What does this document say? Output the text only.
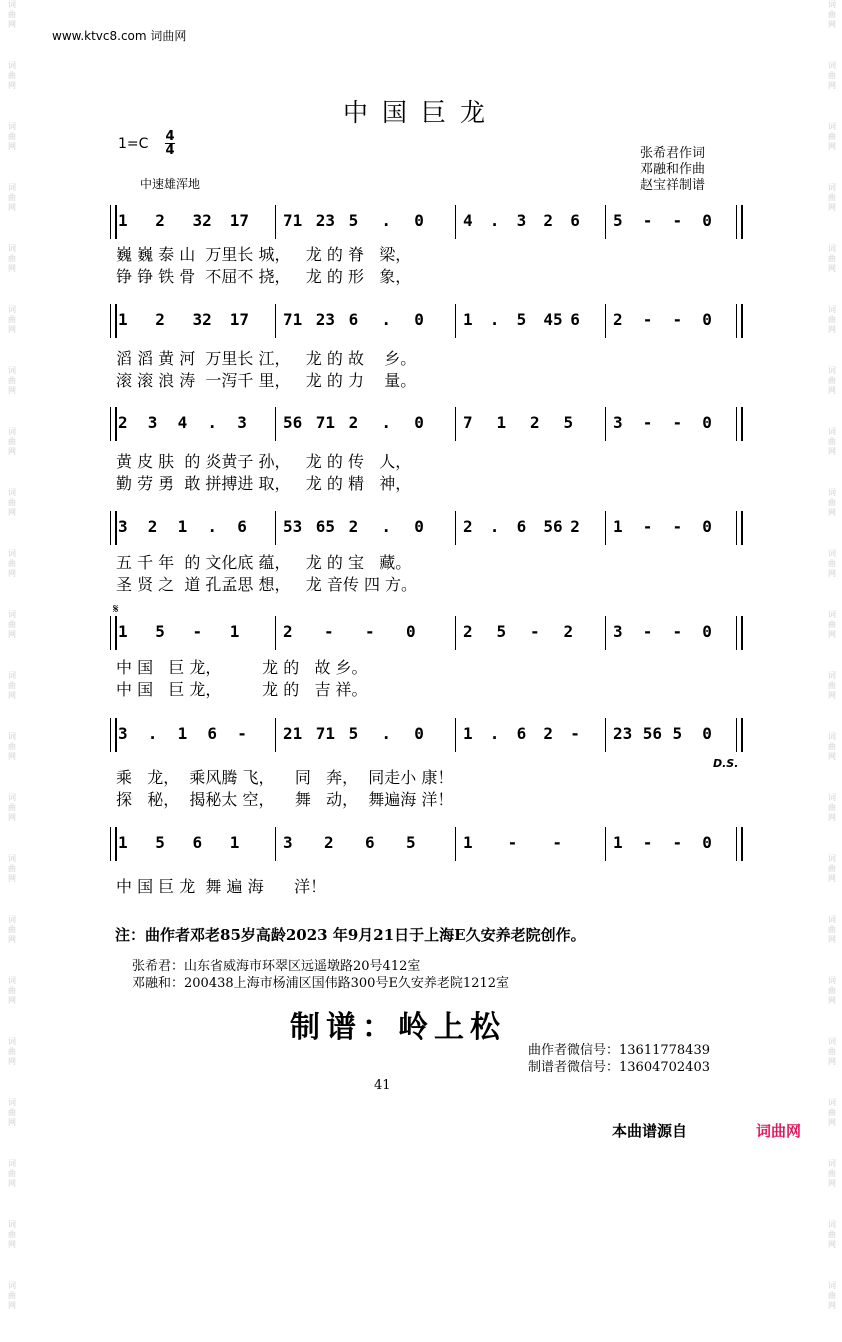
词
曲
网
词
曲
网
词
曲
网
词
曲
网
词
曲
网
词
曲
网
词
曲
网
词
曲
网
词
曲
网
词
曲
网
词
曲
网
词
曲
网
词
曲
网
词
曲
网
词
曲
网
词
曲
网
词
曲
网
词
曲
网
词
曲
网
词
曲
网
词
曲
网
词
曲
网
词
曲
网
词
曲
网
词
曲
网
词
曲
网
词
曲
网
词
曲
网
词
曲
网
词
曲
网
词
曲
网
词
曲
网
词
曲
网
词
曲
网
词
曲
网
词
曲
网
词
曲
网
词
曲
网
词
曲
网
词
曲
网
词
曲
网
词
曲
网
词
曲
网
词
曲
网
www.ktvc8.com 词曲网
中国巨龙
1=C 4
4
中速雄浑地
张希君作词
邓融和作曲
赵宝祥制谱
1 2 32 17 71 23 5 . 0 4 . 3 2 6 5 - - 0
巍 巍 泰 山  万里长 城，   龙 的 脊   梁，
铮 铮 铁 骨  不屈不 挠，   龙 的 形   象，
1 2 32 17 71 23 6 . 0 1 . 5 45 6 2 - - 0
滔 滔 黄 河  万里长 江，   龙 的 故    乡。
滚 滚 浪 涛  一泻千 里，   龙 的 力    量。
2 3 4 . 3 56 71 2 . 0 7 1 2 5 3 - - 0
黄 皮 肤  的 炎黄子 孙，   龙 的 传   人，
勤 劳 勇  敢 拼搏进 取，   龙 的 精   神，
3 2 1 . 6 53 65 2 . 0 2 . 6 56 2 1 - - 0
五 千 年  的 文化底 蕴，   龙 的 宝   藏。
圣 贤 之  道 孔孟思 想，   龙 音传 四 方。
1 5 - 1	2 - - 0	2 5 - 2 3 - - 0
中 国   巨 龙，        龙 的   故 乡。
中 国   巨 龙，        龙 的   吉 祥。
3 . 1 6 - 21 71 5 . 0 1 . 6 2 - 23 56 5 0
乘   龙，  乘风腾 飞，    同   奔，  同走小 康！
探   秘，  揭秘太 空，    舞   动，  舞遍海 洋！
1 5 6 1	3 2 6 5	1 - -	1 - - 0
中 国 巨 龙  舞 遍 海      洋！
𝄋
D.S.
注：曲作者邓老85岁高龄2023 年9月21日于上海E久安养老院创作。
张希君：山东省威海市环翠区远遥墩路20号412室
邓融和：200438上海市杨浦区国伟路300号E久安养老院1212室
制谱：岭上松
曲作者微信号：13611778439
制谱者微信号：13604702403
41
本曲谱源自	词曲网
